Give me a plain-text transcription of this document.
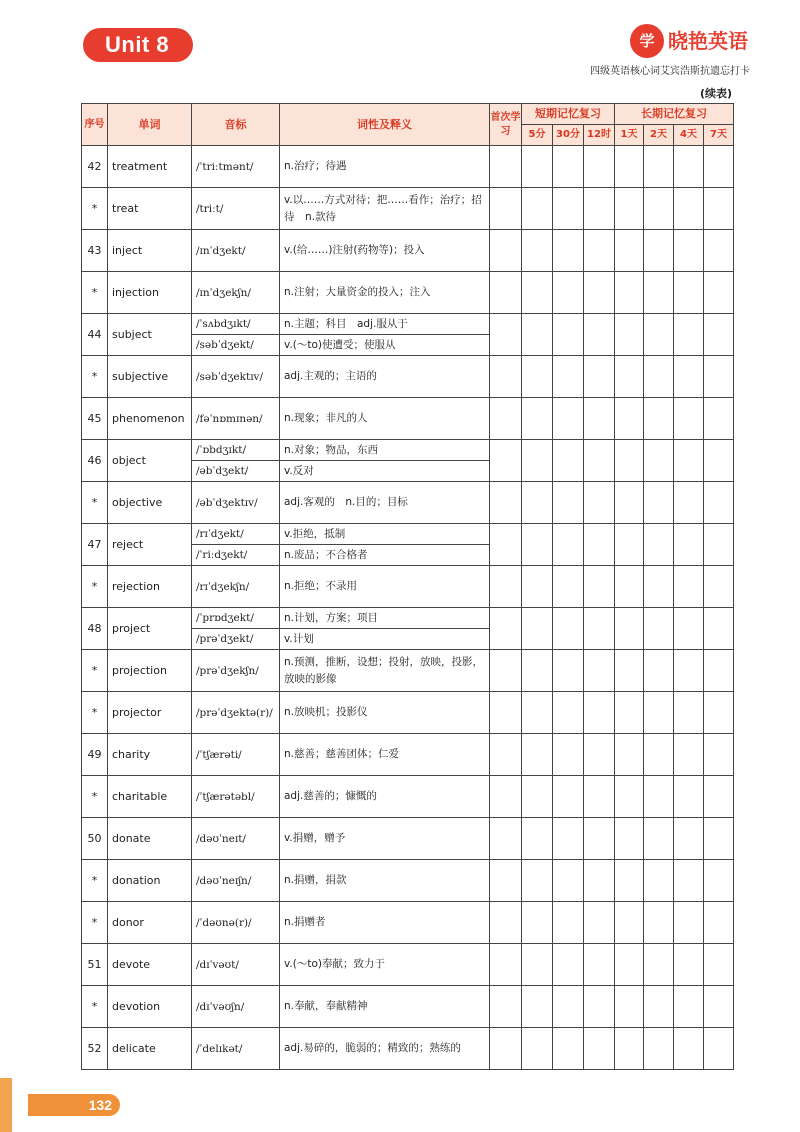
Unit 8	学 晓艳英语
四级英语核心词艾宾浩斯抗遗忘打卡
(续表)
序号	单词	音标	词性及释义	首次学习	短期记忆复习			长期记忆复习			
					5分	30分	12时	1天	2天	4天	7天
42	treatment	/ˈtriːtmənt/	n.治疗；待遇								
*	treat	/triːt/	v.以……方式对待；把……看作；治疗；招待　n.款待								
43	inject	/ɪnˈdʒekt/	v.(给……)注射(药物等)；投入								
*	injection	/ɪnˈdʒekʃn/	n.注射；大量资金的投入；注入								
44	subject	/ˈsʌbdʒɪkt/	n.主题；科目　adj.服从于								
		/səbˈdʒekt/	v.(～to)使遭受；使服从								
*	subjective	/səbˈdʒektɪv/	adj.主观的；主语的								
45	phenomenon	/fəˈnɒmɪnən/	n.现象；非凡的人								
46	object	/ˈɒbdʒɪkt/	n.对象；物品，东西								
		/əbˈdʒekt/	v.反对								
*	objective	/əbˈdʒektɪv/	adj.客观的　n.目的；目标								
47	reject	/rɪˈdʒekt/	v.拒绝，抵制								
		/ˈriːdʒekt/	n.废品；不合格者								
*	rejection	/rɪˈdʒekʃn/	n.拒绝；不录用								
48	project	/ˈprɒdʒekt/	n.计划，方案；项目								
		/prəˈdʒekt/	v.计划								
*	projection	/prəˈdʒekʃn/	n.预测，推断，设想；投射，放映，投影，放映的影像								
*	projector	/prəˈdʒektə(r)/	n.放映机；投影仪								
49	charity	/ˈtʃærəti/	n.慈善；慈善团体；仁爱								
*	charitable	/ˈtʃærətəbl/	adj.慈善的；慷慨的								
50	donate	/dəʊˈneɪt/	v.捐赠，赠予								
*	donation	/dəʊˈneɪʃn/	n.捐赠，捐款								
*	donor	/ˈdəʊnə(r)/	n.捐赠者								
51	devote	/dɪˈvəʊt/	v.(～to)奉献；致力于								
*	devotion	/dɪˈvəʊʃn/	n.奉献，奉献精神								
52	delicate	/ˈdelɪkət/	adj.易碎的，脆弱的；精致的；熟练的								
132
